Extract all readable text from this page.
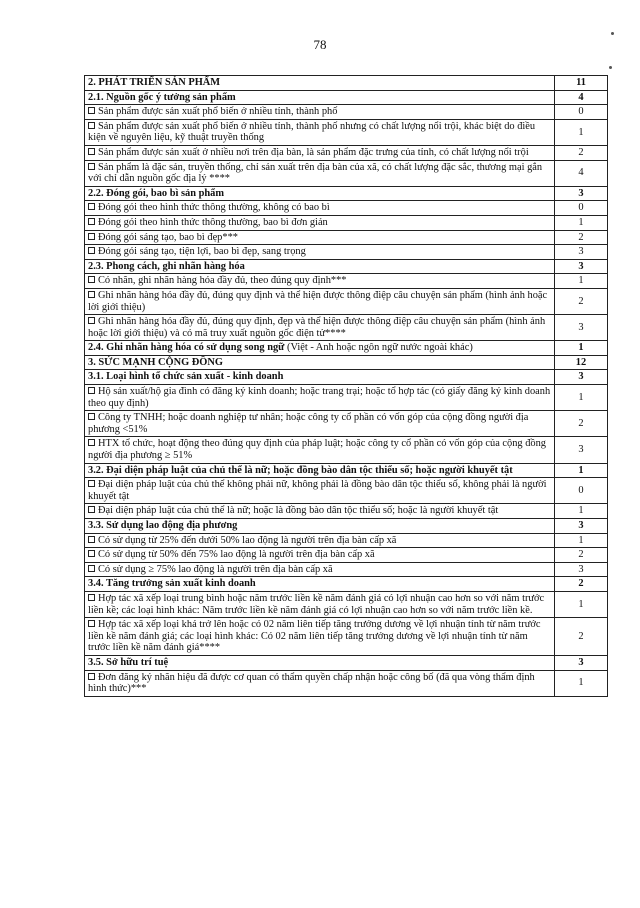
78
2. PHÁT TRIỂN SẢN PHẨM	11
2.1. Nguồn gốc ý tưởng sản phẩm	4
Sản phẩm được sản xuất phổ biến ở nhiều tỉnh, thành phố	0
Sản phẩm được sản xuất phổ biến ở nhiều tỉnh, thành phố nhưng có chất lượng nổi trội, khác biệt do điều kiện về nguyên liệu, kỹ thuật truyền thống	1
Sản phẩm được sản xuất ở nhiều nơi trên địa bàn, là sản phẩm đặc trưng của tỉnh, có chất lượng nổi trội	2
Sản phẩm là đặc sản, truyền thống, chỉ sản xuất trên địa bàn của xã, có chất lượng đặc sắc, thương mại gắn với chỉ dẫn nguồn gốc địa lý ****	4
2.2. Đóng gói, bao bì sản phẩm	3
Đóng gói theo hình thức thông thường, không có bao bì	0
Đóng gói theo hình thức thông thường, bao bì đơn giản	1
Đóng gói sáng tạo, bao bì đẹp***	2
Đóng gói sáng tạo, tiện lợi, bao bì đẹp, sang trọng	3
2.3. Phong cách, ghi nhãn hàng hóa	3
Có nhãn, ghi nhãn hàng hóa đầy đủ, theo đúng quy định***	1
Ghi nhãn hàng hóa đầy đủ, đúng quy định và thể hiện được thông điệp câu chuyện sản phẩm (hình ảnh hoặc lời giới thiệu)	2
Ghi nhãn hàng hóa đầy đủ, đúng quy định, đẹp và thể hiện được thông điệp câu chuyện sản phẩm (hình ảnh hoặc lời giới thiệu) và có mã truy xuất nguồn gốc điện tử****	3
2.4. Ghi nhãn hàng hóa có sử dụng song ngữ (Việt - Anh hoặc ngôn ngữ nước ngoài khác)	1
3. SỨC MẠNH CỘNG ĐỒNG	12
3.1. Loại hình tổ chức sản xuất - kinh doanh	3
Hộ sản xuất/hộ gia đình có đăng ký kinh doanh; hoặc trang trại; hoặc tổ hợp tác (có giấy đăng ký kinh doanh theo quy định)	1
Công ty TNHH; hoặc doanh nghiệp tư nhân; hoặc công ty cổ phần có vốn góp của cộng đồng người địa phương <51%	2
HTX tổ chức, hoạt động theo đúng quy định của pháp luật; hoặc công ty cổ phần có vốn góp của cộng đồng người địa phương ≥ 51%	3
3.2. Đại diện pháp luật của chủ thể là nữ; hoặc đồng bào dân tộc thiểu số; hoặc người khuyết tật	1
Đại diện pháp luật của chủ thể không phải nữ, không phải là đồng bào dân tộc thiểu số, không phải là người khuyết tật	0
Đại diện pháp luật của chủ thể là nữ; hoặc là đồng bào dân tộc thiểu số; hoặc là người khuyết tật	1
3.3. Sử dụng lao động địa phương	3
Có sử dụng từ 25% đến dưới 50% lao động là người trên địa bàn cấp xã	1
Có sử dụng từ 50% đến 75% lao động là người trên địa bàn cấp xã	2
Có sử dụng ≥ 75% lao động là người trên địa bàn cấp xã	3
3.4. Tăng trưởng sản xuất kinh doanh	2
Hợp tác xã xếp loại trung bình hoặc năm trước liền kề năm đánh giá có lợi nhuận cao hơn so với năm trước liền kề; các loại hình khác: Năm trước liền kề năm đánh giá có lợi nhuận cao hơn so với năm trước liền kề.	1
Hợp tác xã xếp loại khá trở lên hoặc có 02 năm liên tiếp tăng trưởng dương về lợi nhuận tính từ năm trước liền kề năm đánh giá; các loại hình khác: Có 02 năm liên tiếp tăng trưởng dương về lợi nhuận tính từ năm trước liền kề năm đánh giá****	2
3.5. Sở hữu trí tuệ	3
Đơn đăng ký nhãn hiệu đã được cơ quan có thẩm quyền chấp nhận hoặc công bố (đã qua vòng thẩm định hình thức)***	1
